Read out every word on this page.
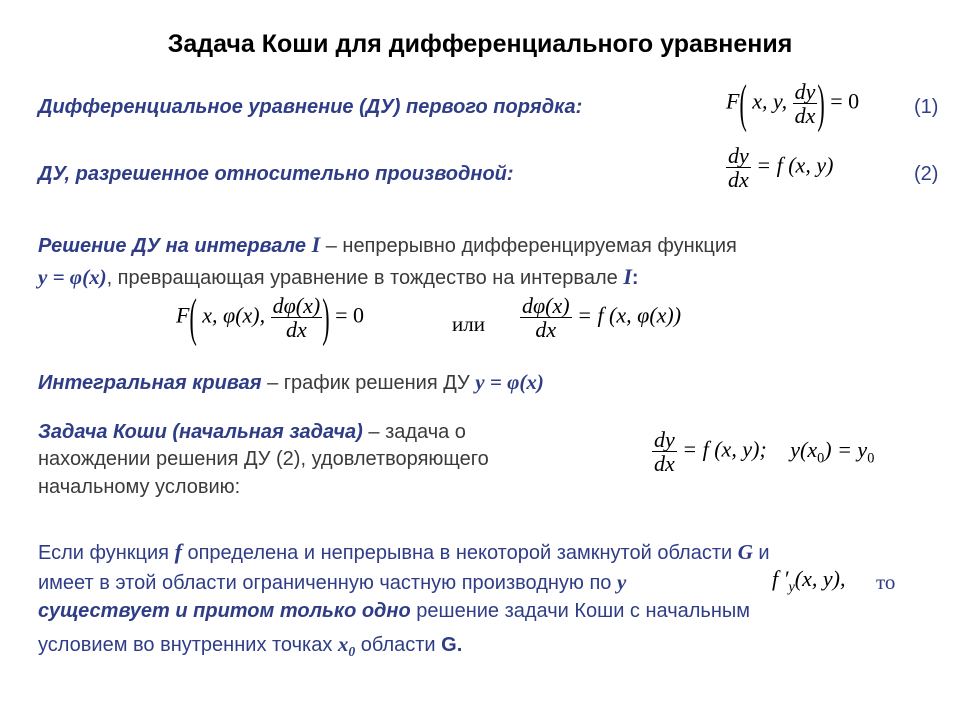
Задача Коши для дифференциального уравнения
Дифференциальное уравнение (ДУ) первого порядка:	F( x, y, $\frac{dy}{dx}$ ) = 0	(1)
ДУ, разрешенное относительно производной:	$\frac{dy}{dx} = f$ (x, y)	(2)
Решение ДУ на интервале I – непрерывно дифференцируемая функция
y = φ(x), превращающая уравнение в тождество на интервале I:
F( x, φ(x), $\frac{d\varphi(x)}{dx}$ ) = 0	или $\frac{d\varphi(x)}{dx} = f$ (x, φ(x))
Интегральная кривая – график решения ДУ y = φ(x)
Задача Коши (начальная задача) – задача о
нахождении решения ДУ (2), удовлетворяющего
начальному условию:
$\frac{dy}{dx} = f$ (x, y); $y(x_0) = y_0$
Если функция f определена и непрерывна в некоторой замкнутой области G и
имеет в этой области ограниченную частную производную по y	f $'_y(x$, y), то
существует и притом только одно решение задачи Коши с начальным
условием во внутренних точках $x_0$ области G.
